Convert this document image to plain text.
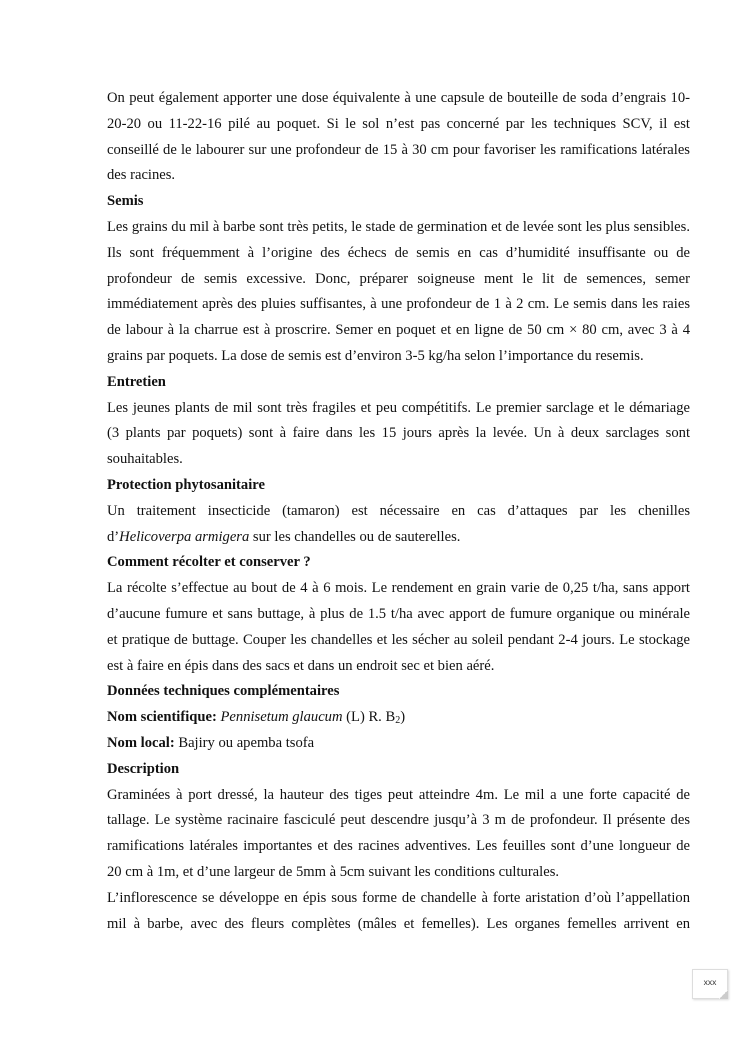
On peut également apporter une dose équivalente à une capsule de bouteille de soda d’engrais 10-
20-20 ou 11-22-16 pilé au poquet. Si le sol n’est pas concerné par les techniques SCV, il est
conseillé de le labourer sur une profondeur de 15 à 30 cm pour favoriser les ramifications latérales
des racines.
Semis
Les grains du mil à barbe sont très petits, le stade de germination et de levée sont les plus sensibles.
Ils sont fréquemment à l’origine des échecs de semis en cas d’humidité insuffisante ou de
profondeur de semis excessive. Donc, préparer soigneuse ment le lit de semences, semer
immédiatement après des pluies suffisantes, à une profondeur de 1 à 2 cm. Le semis dans les raies
de labour à la charrue est à proscrire. Semer en poquet et en ligne de 50 cm × 80 cm, avec 3 à 4
grains par poquets. La dose de semis est d’environ 3-5 kg/ha selon l’importance du resemis.
Entretien
Les jeunes plants de mil sont très fragiles et peu compétitifs. Le premier sarclage et le démariage
(3 plants par poquets) sont à faire dans les 15 jours après la levée. Un à deux sarclages sont
souhaitables.
Protection phytosanitaire
Un traitement insecticide (tamaron) est nécessaire en cas d’attaques par les chenilles
d’Helicoverpa armigera sur les chandelles ou de sauterelles.
Comment récolter et conserver ?
La récolte s’effectue au bout de 4 à 6 mois. Le rendement en grain varie de 0,25 t/ha, sans apport
d’aucune fumure et sans buttage, à plus de 1.5 t/ha avec apport de fumure organique ou minérale
et pratique de buttage. Couper les chandelles et les sécher au soleil pendant 2-4 jours. Le stockage
est à faire en épis dans des sacs et dans un endroit sec et bien aéré.
Données techniques complémentaires
Nom scientifique: Pennisetum glaucum (L) R. $B_2$)
Nom local: Bajiry ou apemba tsofa
Description
Graminées à port dressé, la hauteur des tiges peut atteindre 4m. Le mil a une forte capacité de
tallage. Le système racinaire fasciculé peut descendre jusqu’à 3 m de profondeur. Il présente des
ramifications latérales importantes et des racines adventives. Les feuilles sont d’une longueur de
20 cm à 1m, et d’une largeur de 5mm à 5cm suivant les conditions culturales.
L’inflorescence se développe en épis sous forme de chandelle à forte aristation d’où l’appellation
mil à barbe, avec des fleurs complètes (mâles et femelles). Les organes femelles arrivent en
xxx
